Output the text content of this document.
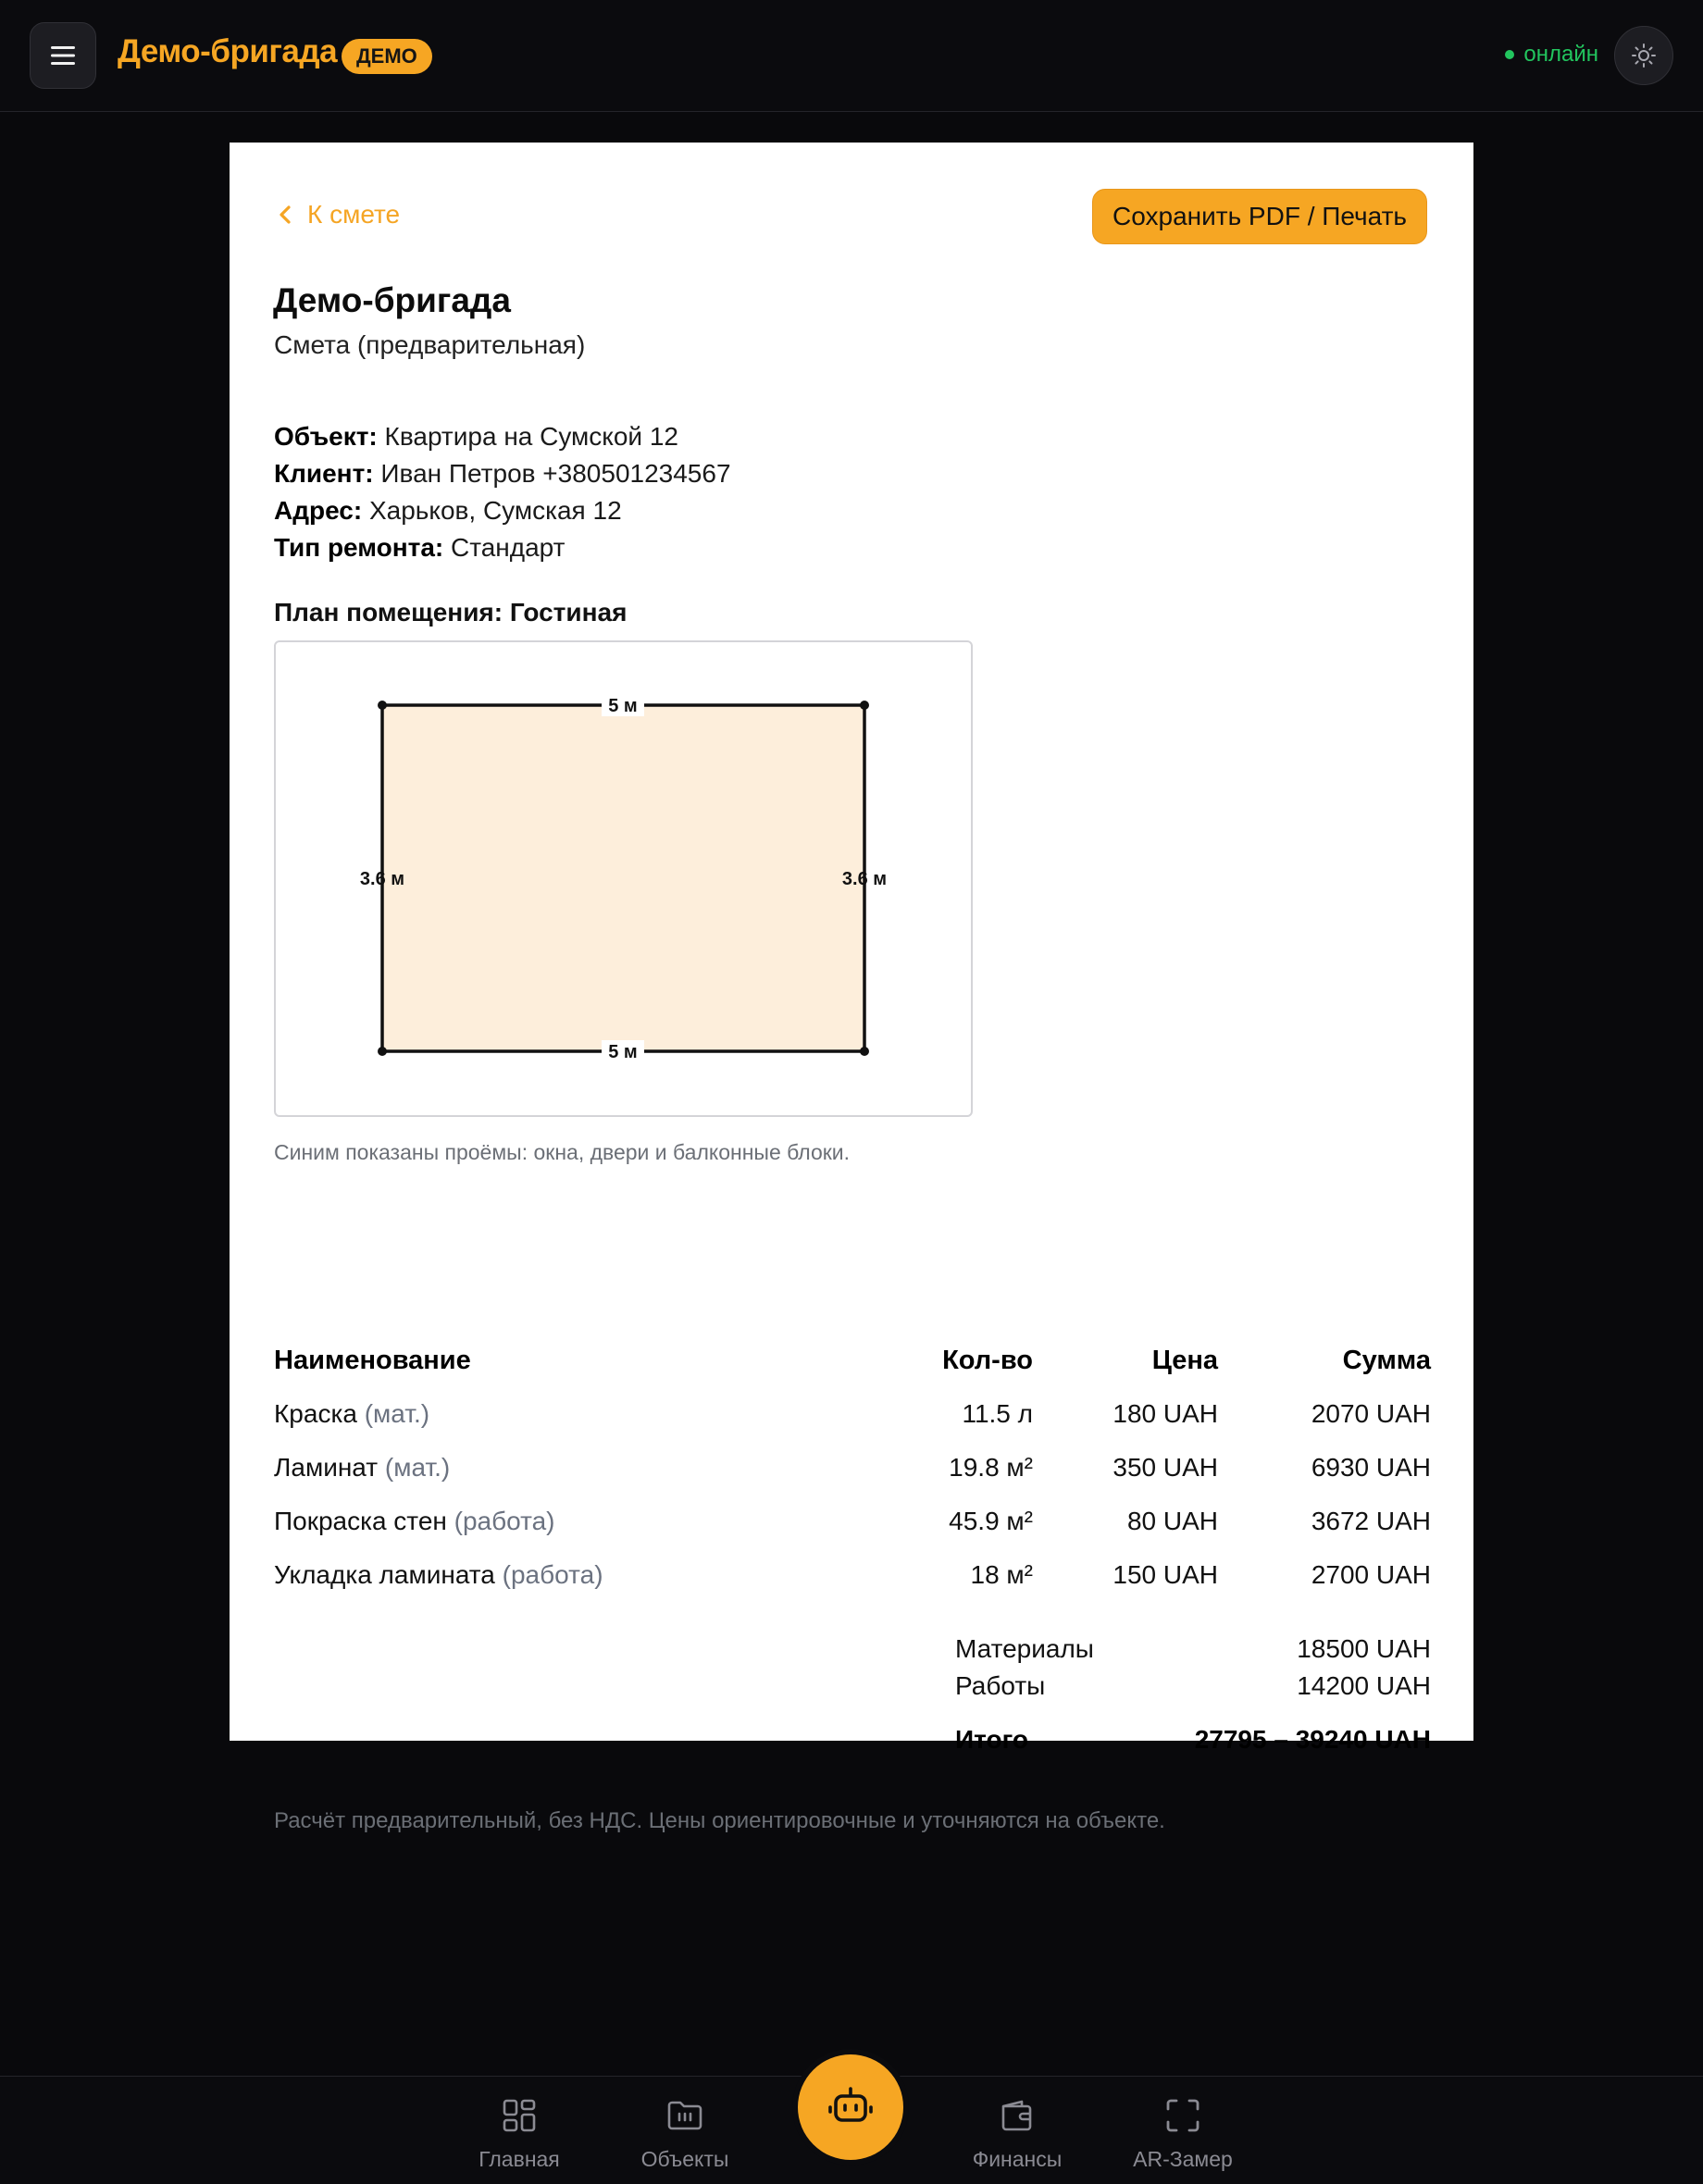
Демо-бригада ДЕМО	онлайн
К смете	Сохранить PDF / Печать
Демо-бригада
Смета (предварительная)
Объект: Квартира на Сумской 12
Клиент: Иван Петров +380501234567
Адрес: Харьков, Сумская 12
Тип ремонта: Стандарт
План помещения: Гостиная
5 м
5 м
3.6 м	3.6 м
Синим показаны проёмы: окна, двери и балконные блоки.
Наименование	Кол-во	Цена	Сумма
Краска (мат.)	11.5 л	180 UAH	2070 UAH
Ламинат (мат.)	19.8 м²	350 UAH	6930 UAH
Покраска стен (работа)	45.9 м²	80 UAH	3672 UAH
Укладка ламината (работа)	18 м²	150 UAH	2700 UAH
Материалы	18500 UAH
Работы	14200 UAH
Итого	27795 – 39240 UAH
Расчёт предварительный, без НДС. Цены ориентировочные и уточняются на объекте.
Главная	Объекты	Финансы	AR-Замер
